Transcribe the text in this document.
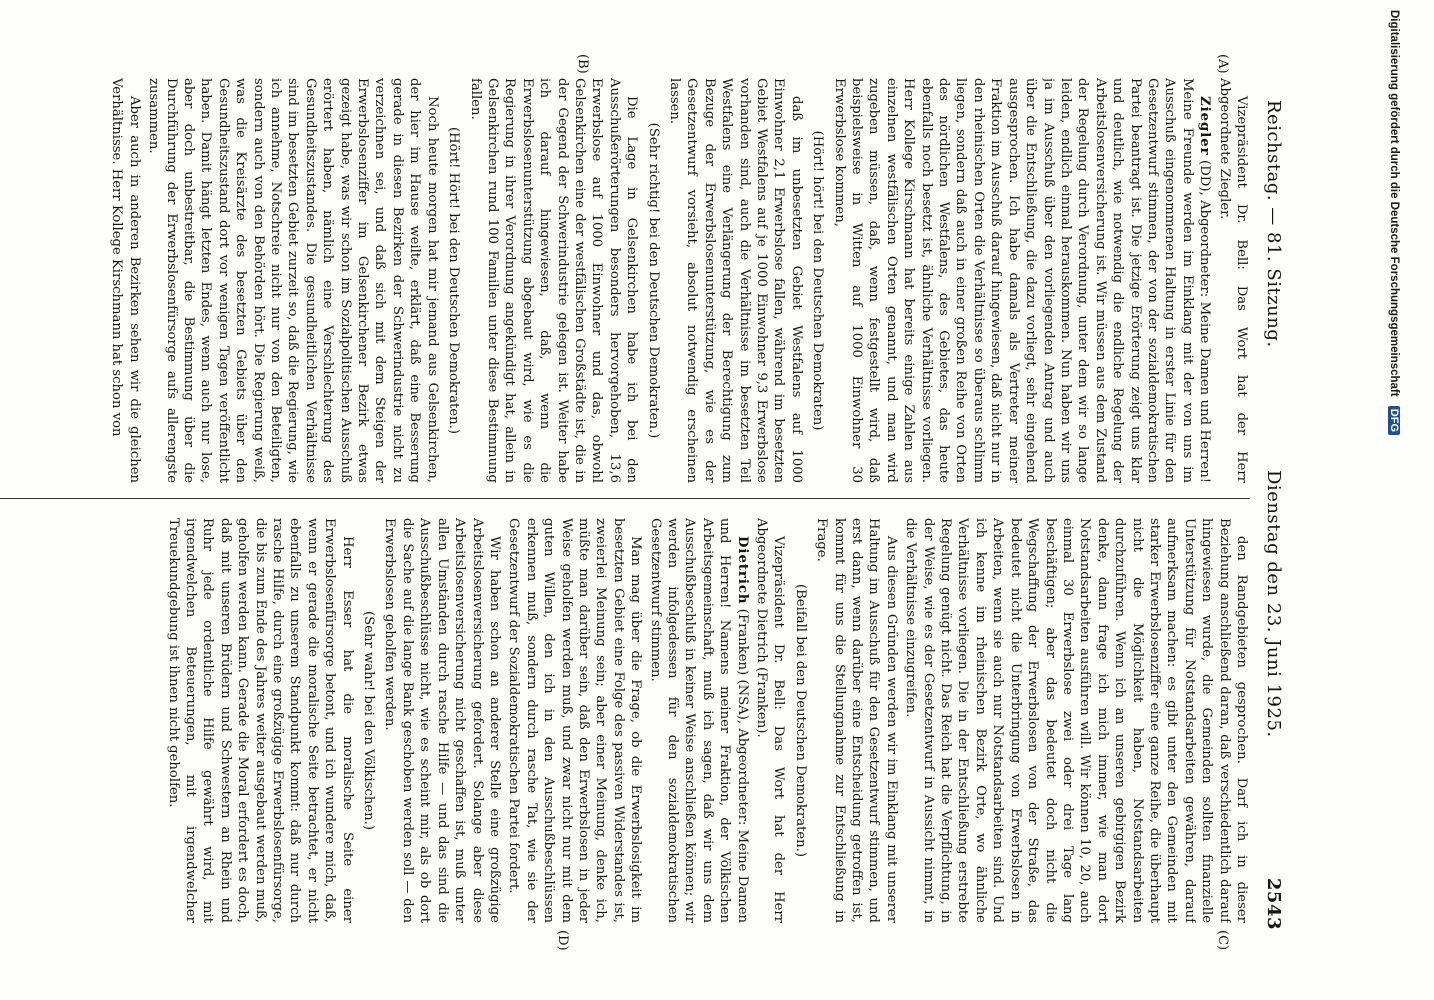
Reichstag. — 81. Sitzung.
Dienstag den 23. Juni 1925.
2543

Vizepräsident Dr. Bell: Das Wort hat der Herr Abgeordnete Ziegler.

Ziegler (DD), Abgeordneter: Meine Damen und Herren! Meine Freunde werden im Einklang mit der von uns im Ausschuß eingenommenen Haltung in erster Linie für den Gesetzentwurf stimmen, der von der sozialdemokratischen Partei beantragt ist. Die jetzige Erörterung zeigt uns klar und deutlich, wie notwendig die endliche Regelung der Arbeitslosenversicherung ist. Wir müssen aus dem Zustand der Regelung durch Verordnung, unter dem wir so lange leiden, endlich einmal herauskommen. Nun haben wir uns ja im Ausschuß über den vorliegenden Antrag und auch über die Entschließung, die dazu vorliegt, sehr eingehend ausgesprochen. Ich habe damals als Vertreter meiner Fraktion im Ausschuß darauf hingewiesen, daß nicht nur in den rheinischen Orten die Verhältnisse so überaus schlimm liegen, sondern daß auch in einer großen Reihe von Orten des nördlichen Westfalens, des Gebietes, das heute ebenfalls noch besetzt ist, ähnliche Verhältnisse vorliegen. Herr Kollege Kirschmann hat bereits einige Zahlen aus einzelnen westfälischen Orten genannt, und man wird zugeben müssen, daß, wenn festgestellt wird, daß beispielsweise in Witten auf 1000 Einwohner 30 Erwerbslose kommen,

(Hört! hört! bei den Deutschen Demokraten)

daß im unbesetzten Gebiet Westfalens auf 1000 Einwohner 2,1 Erwerbslose fallen, während im besetzten Gebiet Westfalens auf je 1000 Einwohner 9,3 Erwerbslose vorhanden sind, auch die Verhältnisse im besetzten Teil Westfalens eine Verlängerung der Berechtigung zum Bezuge der Erwerbslosenunterstützung, wie es der Gesetzentwurf vorsieht, absolut notwendig erscheinen lassen.

(Sehr richtig! bei den Deutschen Demokraten.)

Die Lage in Gelsenkirchen habe ich bei den Ausschußerörterungen besonders hervorgehoben, 13,6 Erwerbslose auf 1000 Einwohner und das, obwohl Gelsenkirchen eine der westfälischen Großstädte ist, die in der Gegend der Schwerindustrie gelegen ist. Weiter habe ich darauf hingewiesen, daß, wenn die Erwerbslosenunterstützung abgebaut wird, wie es die Regierung in ihrer Verordnung angekündigt hat, allein in Gelsenkirchen rund 100 Familien unter diese Bestimmung fallen.

(Hört! Hört! bei den Deutschen Demokraten.)

Noch heute morgen hat mir jemand aus Gelsenkirchen, der hier im Hause weilte, erklärt, daß eine Besserung gerade in diesen Bezirken der Schwerindustrie nicht zu verzeichnen sei, und daß sich mit dem Steigen der Erwerbslosenziffer im Gelsenkirchener Bezirk etwas gezeigt habe, was wir schon im Sozialpolitischen Ausschuß erörtert haben, nämlich eine Verschlechterung des Gesundheitszustandes. Die gesundheitlichen Verhältnisse sind im besetzten Gebiet zurzeit so, daß die Regierung, wie ich annehme, Notschreie nicht nur von den Beteiligten, sondern auch von den Behörden hört. Die Regierung weiß, was die Kreisärzte des besetzten Gebiets über den Gesundheitszustand dort vor wenigen Tagen veröffentlicht haben. Damit hängt letzten Endes, wenn auch nur lose, aber doch unbestreitbar, die Bestimmung über die Durchführung der Erwerbslosenfürsorge aufs allerengste zusammen.

Aber auch in anderen Bezirken sehen wir die gleichen Verhältnisse. Herr Kollege Kirschmann hat schon von

den Randgebieten gesprochen. Darf ich in dieser Beziehung anschließend daran, daß verschiedentlich darauf hingewiesen wurde, die Gemeinden sollten finanzielle Unterstützung für Notstandsarbeiten gewähren, darauf aufmerksam machen: es gibt unter den Gemeinden mit starker Erwerbslosenziffer eine ganze Reihe, die überhaupt nicht die Möglichkeit haben, Notstandsarbeiten durchzuführen. Wenn ich an unseren gebirgigen Bezirk denke, dann frage ich mich immer, wie man dort Notstandsarbeiten ausführen will. Wir können 10, 20, auch einmal 30 Erwerbslose zwei oder drei Tage lang beschäftigen; aber das bedeutet doch nicht die Wegschaffung der Erwerbslosen von der Straße, das bedeutet nicht die Unterbringung von Erwerbslosen in Arbeiten, wenn sie auch nur Notstandsarbeiten sind. Und ich kenne im rheinischen Bezirk Orte, wo ähnliche Verhältnisse vorliegen. Die in der Entschließung erstrebte Regelung genügt nicht. Das Reich hat die Verpflichtung, in der Weise, wie es der Gesetzentwurf in Aussicht nimmt, in die Verhältnisse einzugreifen.

Aus diesen Gründen werden wir im Einklang mit unserer Haltung im Ausschuß für den Gesetzentwurf stimmen, und erst dann, wenn darüber eine Entscheidung getroffen ist, kommt für uns die Stellungnahme zur Entschließung in Frage.

(Beifall bei den Deutschen Demokraten.)

Vizepräsident Dr. Bell: Das Wort hat der Herr Abgeordnete Dietrich (Franken).

Dietrich (Franken) (NSA), Abgeordneter: Meine Damen und Herren! Namens meiner Fraktion, der Völkischen Arbeitsgemeinschaft, muß ich sagen, daß wir uns dem Ausschußbeschluß in keiner Weise anschließen können; wir werden infolgedessen für den sozialdemokratischen Gesetzentwurf stimmen.

Man mag über die Frage, ob die Erwerbslosigkeit im besetzten Gebiet eine Folge des passiven Widerstandes ist, zweierlei Meinung sein; aber einer Meinung, denke ich, müßte man darüber sein, daß den Erwerbslosen in jeder Weise geholfen werden muß, und zwar nicht nur mit dem guten Willen, den ich in den Ausschußbeschlüssen erkennen muß, sondern durch rasche Tat, wie sie der Gesetzentwurf der Sozialdemokratischen Partei fordert.

Wir haben schon an anderer Stelle eine großzügige Arbeitslosenversicherung gefordert. Solange aber diese Arbeitslosenversicherung nicht geschaffen ist, muß unter allen Umständen durch rasche Hilfe — und das sind die Ausschußbeschlüsse nicht, wie es scheint mir, als ob dort die Sache auf die lange Bank geschoben werden soll — den Erwerbslosen geholfen werden.

(Sehr wahr! bei den Völkischen.)

Herr Esser hat die moralische Seite einer Erwerbslosenfürsorge betont, und ich wundere mich, daß, wenn er gerade die moralische Seite betrachtet, er nicht ebenfalls zu unserem Standpunkt kommt: daß nur durch rasche Hilfe, durch eine großzügige Erwerbslosenfürsorge, die bis zum Ende des Jahres weiter ausgebaut werden muß, geholfen werden kann. Gerade die Moral erfordert es doch, daß mit unseren Brüdern und Schwestern an Rhein und Ruhr jede ordentliche Hilfe gewährt wird, mit irgendwelchen Beteuerungen, mit irgendwelcher Treuekundgebung ist ihnen nicht geholfen.

(A)
(B)
(C)
(D)
Digitalisierung gefördert durch die Deutsche Forschungsgemeinschaft DFG
